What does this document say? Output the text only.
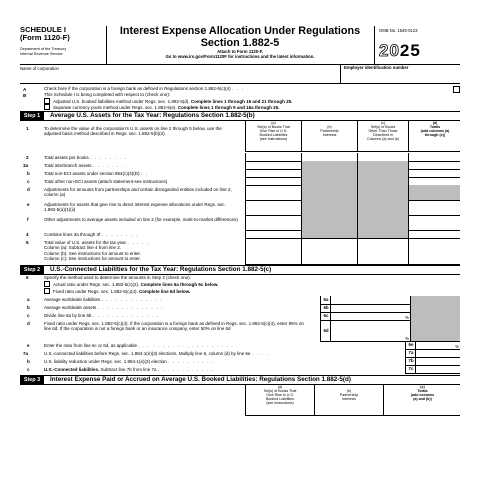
SCHEDULE I
(Form 1120-F)
Department of the Treasury
Internal Revenue Service
Interest Expense Allocation Under Regulations
Section 1.882-5
Attach to Form 1120-F.
Go to www.irs.gov/Form1120F for instructions and the latest information.
OMB No. 1545-0123
2025
Name of corporation	Employer identification number
A	Check here if the corporation is a foreign bank as defined in Regulations section 1.882-5(c)(4) . . .
B	This Schedule I is being completed with respect to (check one):
Adjusted U.S. booked liabilities method under Regs. sec. 1.882-5(d). Complete lines 1 through 15 and 21 through 25.
Separate currency pools method under Regs. sec. 1.882-5(e). Complete lines 1 through 9 and 16a through 25.
Step 1	Average U.S. Assets for the Tax Year: Regulations Section 1.882-5(b)
(a)
Set(s) of Books That
Give Rise to U.S.
Booked Liabilities
(see instructions)
(b)
Partnership
Interests
(c)
Set(s) of Books
Other Than Those
Described in
Columns (a) and (b)
(d)
Totals
(add columns (a)
through (c))
1	To determine the value of the corporation's U.S. assets on line 2 through 5 below, use the adjusted basis method described in Regs. sec. 1.882-5(b)(2).
2	Total assets per books . . . . . . . .
3a	Total interbranch assets . . . . . . .
b	Total non-ECI assets under section 864(c)(4)(D) . .
c	Total other non-ECI assets (attach statement-see instructions)
d	Adjustments for amounts from partnerships and certain disregarded entities included on line 2, column (a)
e	Adjustments for assets that give rise to direct interest expense allocations under Regs. sec. 1.882-5(a)(1)(ii)
f	Other adjustments to average assets included on line 2 (for example, mark-to-market differences)
4	Combine lines 3a through 3f . . . . . . . .
5	Total value of U.S. assets for the tax year . . . . .
Column (a): Subtract line 4 from line 2.
Column (b): See instructions for amount to enter.
Column (c): See instructions for amount to enter.
Step 2	U.S.-Connected Liabilities for the Tax Year: Regulations Section 1.882-5(c)
6	Specify the method used to determine the amounts in Step 2 (check one):
Actual ratio under Regs. sec. 1.882-5(c)(2). Complete lines 6a through 6c below.
Fixed ratio under Regs. sec. 1.882-5(c)(4). Complete line 6d below.
a	Average worldwide liabilities . . . . . . . . . . . . .
b	Average worldwide assets . . . . . . . . . . . . . .
c	Divide line 6a by line 6b . . . . . . . . . . . . . .
d	Fixed ratio under Regs. sec. 1.882-5(c)(4). If the corporation is a foreign bank as defined in Regs. sec. 1.882-5(c)(4), enter 95% on line 6d. If the corporation is not a foreign bank or an insurance company, enter 50% on line 6d
e	Enter the ratio from line 6c or 6d, as applicable . . . . . . . . . . . . . . . . . . . .
7a	U.S.-connected liabilities before Regs. sec. 1.884-1(e)(3) elections. Multiply line 5, column (d) by line 6e . . . .
b	U.S. liability reduction under Regs. sec. 1.884-1(e)(3) election . . . . . . . . . .
c	U.S.-Connected liabilities. Subtract line 7b from line 7a . . . . . . . . . . . .
6a
6b
6c	%
6d
%
6e	%
7a
7b
7c
Step 3	Interest Expense Paid or Accrued on Average U.S. Booked Liabilities: Regulations Section 1.882-5(d)
(a)
Set(s) of Books That
Give Rise to U.S.
Booked Liabilities
(see instructions)
(b)
Partnership
Interests
(c)
Totals
(add columns
(a) and (b))
